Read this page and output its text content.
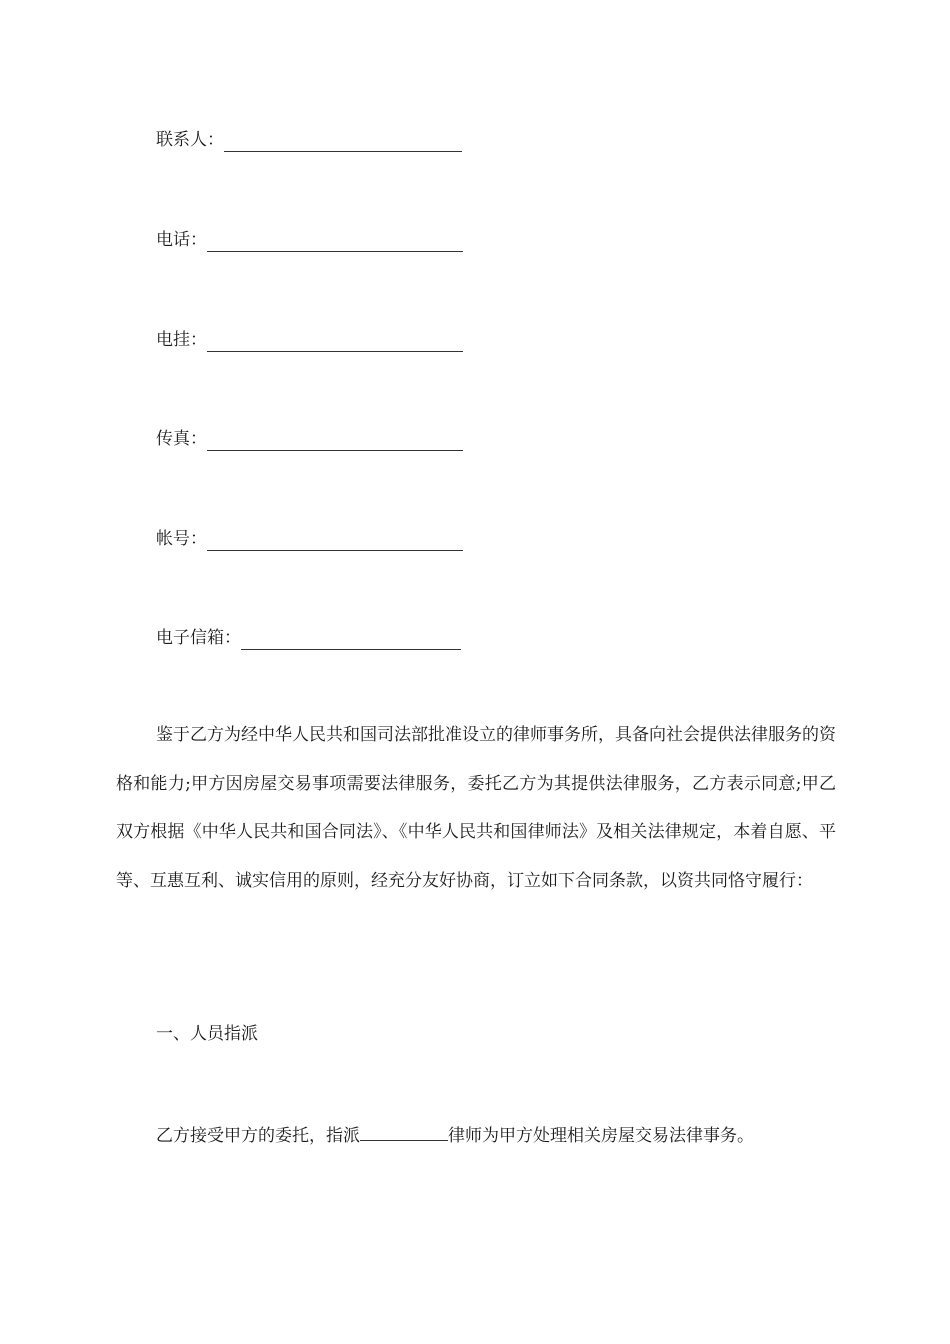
联系人：
电话：
电挂：
传真：
帐号：
电子信箱：

鉴于乙方为经中华人民共和国司法部批准设立的律师事务所，具备向社会提供法律服务的资格和能力;甲方因房屋交易事项需要法律服务，委托乙方为其提供法律服务，乙方表示同意;甲乙双方根据《中华人民共和国合同法》、《中华人民共和国律师法》及相关法律规定，本着自愿、平等、互惠互利、诚实信用的原则，经充分友好协商，订立如下合同条款，以资共同恪守履行：

一、人员指派

乙方接受甲方的委托，指派	律师为甲方处理相关房屋交易法律事务。
